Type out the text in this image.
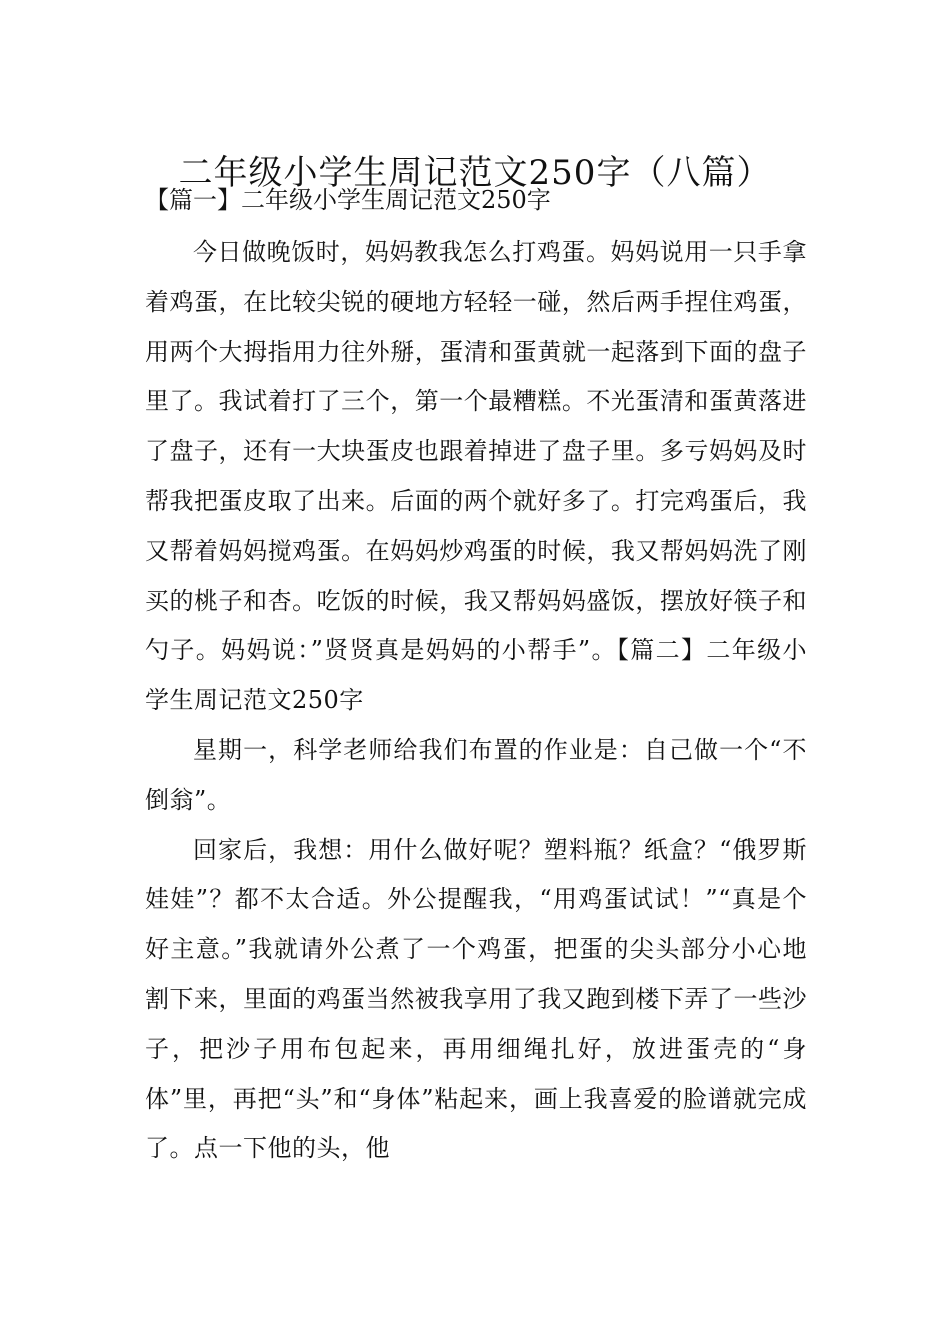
二年级小学生周记范文250字（八篇）
【篇一】二年级小学生周记范文250字

今日做晚饭时，妈妈教我怎么打鸡蛋。妈妈说用一只手拿着鸡蛋，在比较尖锐的硬地方轻轻一碰，然后两手捏住鸡蛋，用两个大拇指用力往外掰，蛋清和蛋黄就一起落到下面的盘子里了。我试着打了三个，第一个最糟糕。不光蛋清和蛋黄落进了盘子，还有一大块蛋皮也跟着掉进了盘子里。多亏妈妈及时帮我把蛋皮取了出来。后面的两个就好多了。打完鸡蛋后，我又帮着妈妈搅鸡蛋。在妈妈炒鸡蛋的时候，我又帮妈妈洗了刚买的桃子和杏。吃饭的时候，我又帮妈妈盛饭，摆放好筷子和勺子。妈妈说：”贤贤真是妈妈的小帮手”。【篇二】二年级小学生周记范文250字

星期一，科学老师给我们布置的作业是：自己做一个“不倒翁”。

回家后，我想：用什么做好呢？塑料瓶？纸盒？“俄罗斯娃娃”？都不太合适。外公提醒我，“用鸡蛋试试！”“真是个好主意。”我就请外公煮了一个鸡蛋，把蛋的尖头部分小心地割下来，里面的鸡蛋当然被我享用了我又跑到楼下弄了一些沙子，把沙子用布包起来，再用细绳扎好，放进蛋壳的“身体”里，再把“头”和“身体”粘起来，画上我喜爱的脸谱就完成了。点一下他的头，他
